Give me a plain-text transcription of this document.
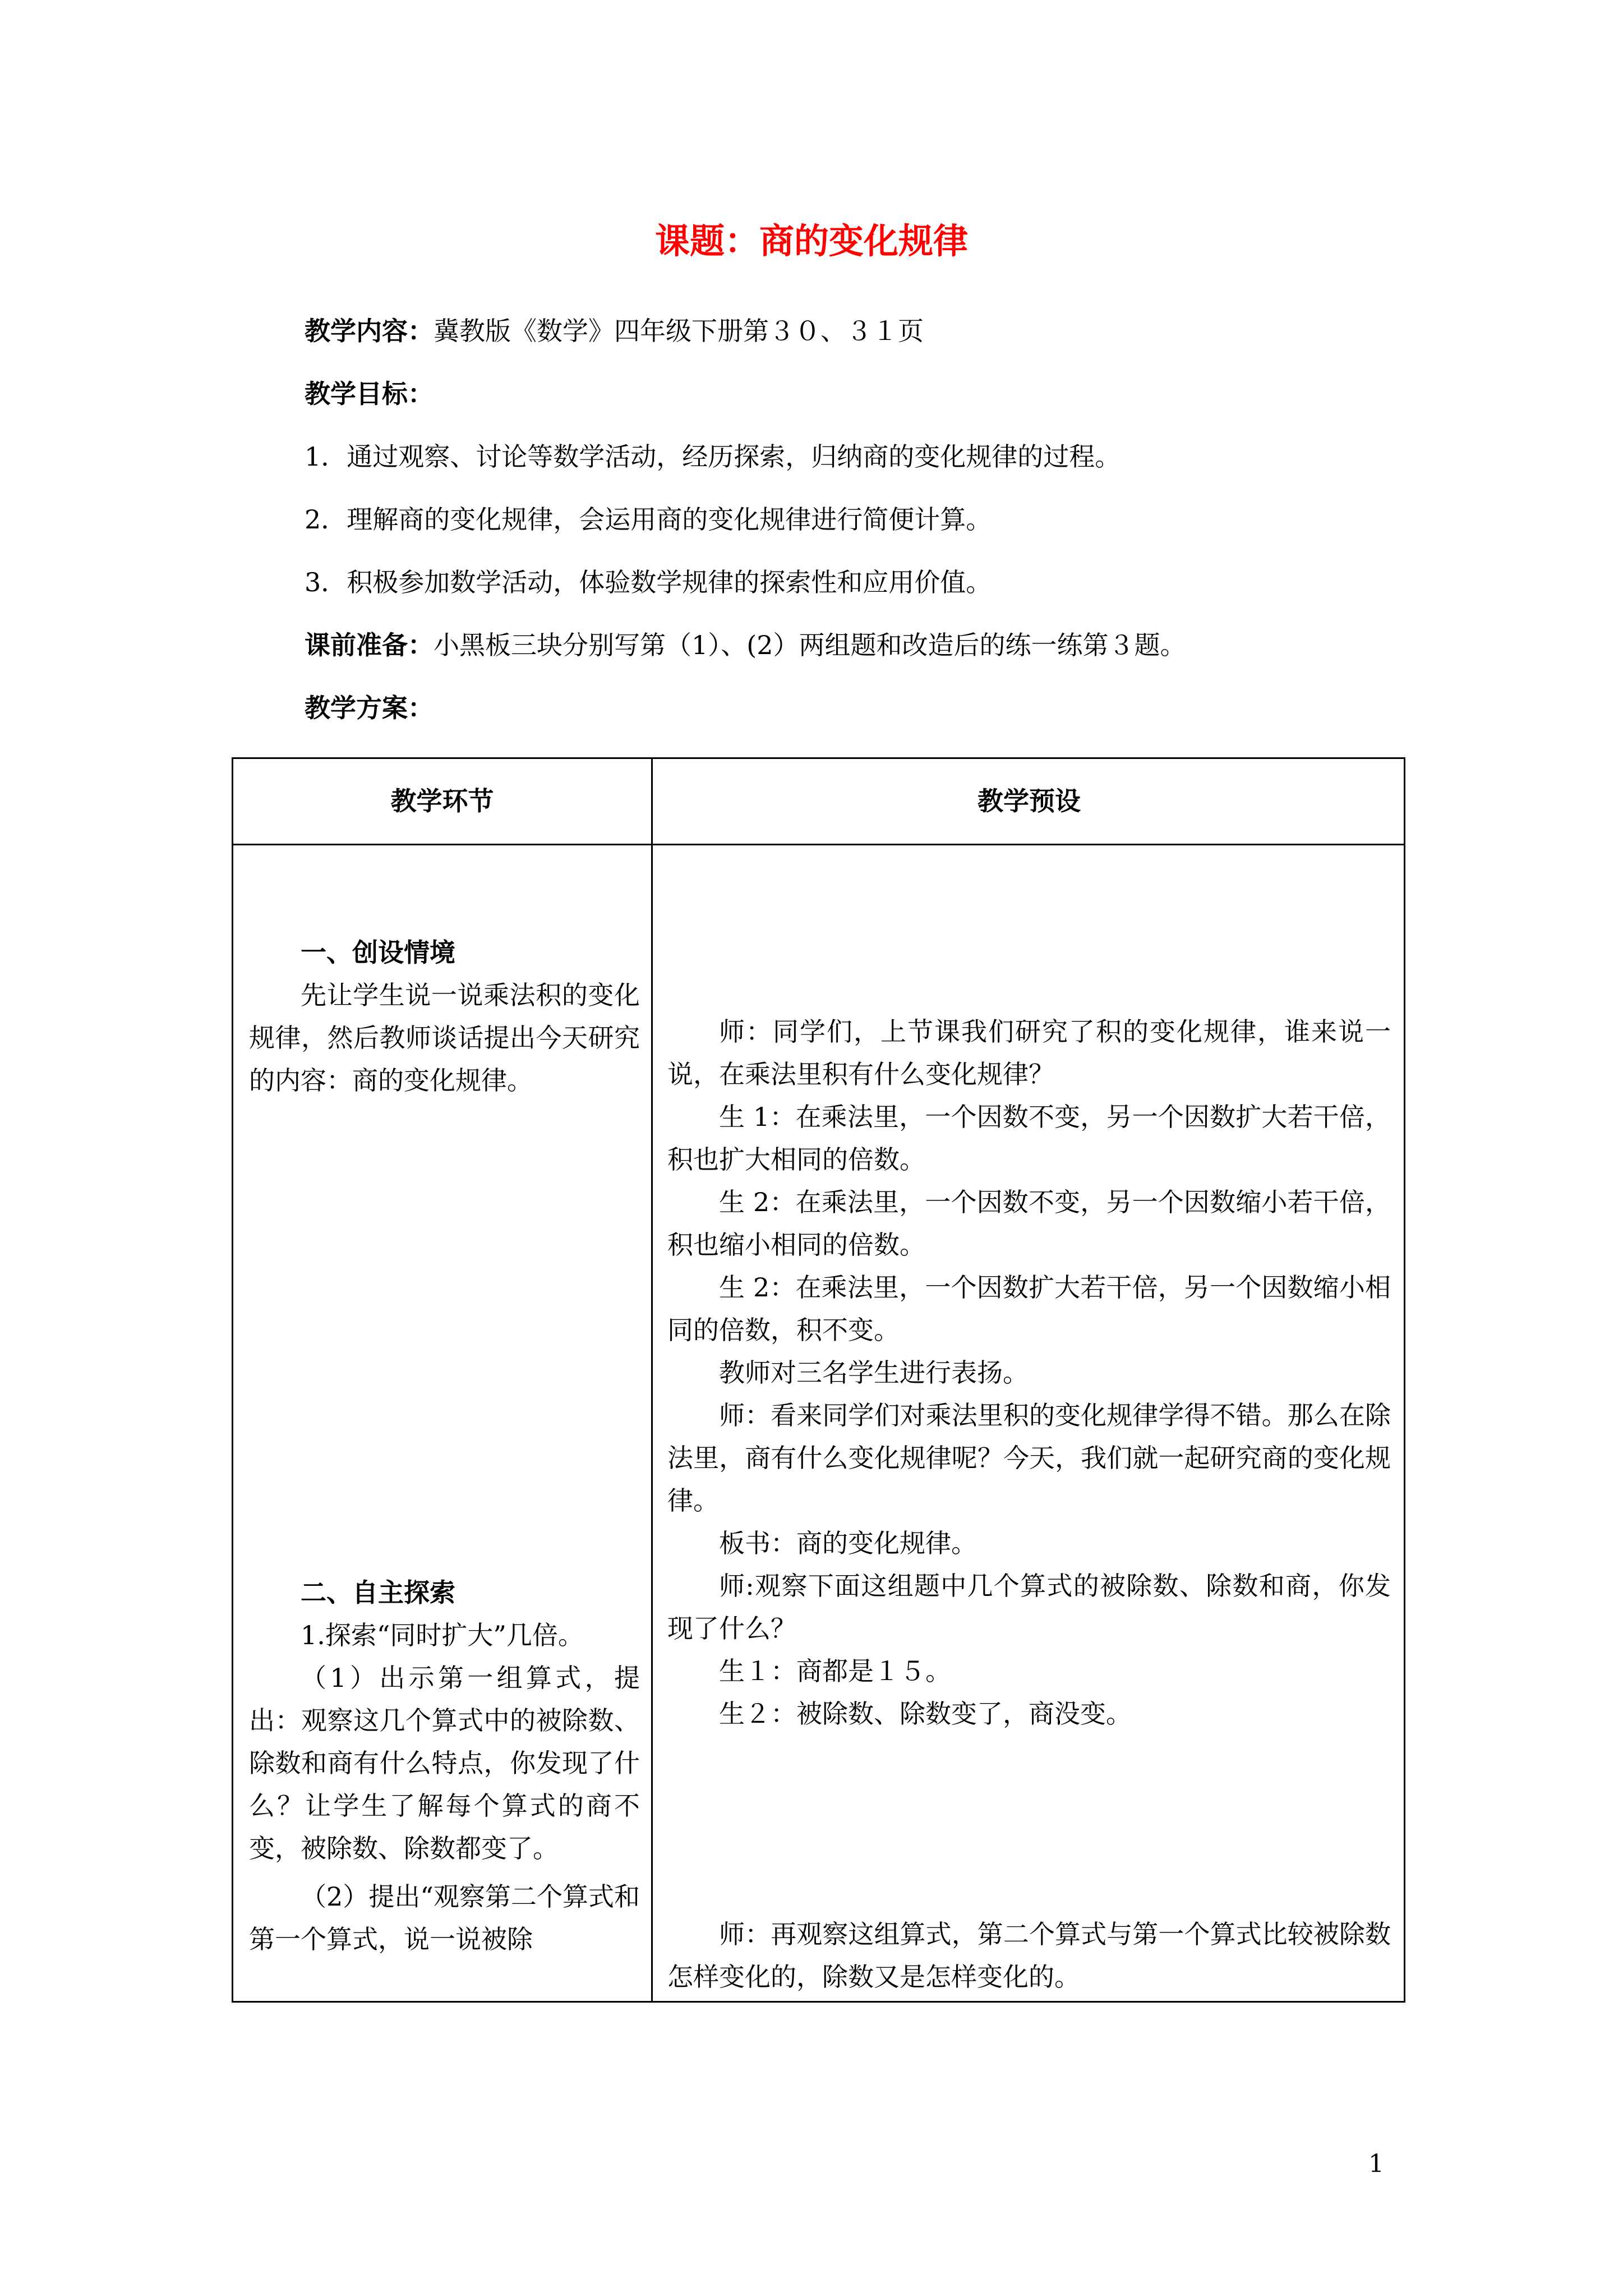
课题：商的变化规律
教学内容：冀教版《数学》四年级下册第３０、３１页
教学目标：
1．通过观察、讨论等数学活动，经历探索，归纳商的变化规律的过程。
2．理解商的变化规律，会运用商的变化规律进行简便计算。
3．积极参加数学活动，体验数学规律的探索性和应用价值。
课前准备：小黑板三块分别写第（1）、(2）两组题和改造后的练一练第３题。
教学方案：
教学环节	教学预设

一、创设情境

先让学生说一说乘法积的变化规律，然后教师谈话提出今天研究的内容：商的变化规律。

二、自主探索

1.探索“同时扩大”几倍。

（1）出示第一组算式，提出：观察这几个算式中的被除数、除数和商有什么特点，你发现了什么？让学生了解每个算式的商不变，被除数、除数都变了。

（2）提出“观察第二个算式和第一个算式，说一说被除

师：同学们，上节课我们研究了积的变化规律，谁来说一说，在乘法里积有什么变化规律？

生 1：在乘法里，一个因数不变，另一个因数扩大若干倍，积也扩大相同的倍数。

生 2：在乘法里，一个因数不变，另一个因数缩小若干倍，积也缩小相同的倍数。

生 2：在乘法里，一个因数扩大若干倍，另一个因数缩小相同的倍数，积不变。

教师对三名学生进行表扬。

师：看来同学们对乘法里积的变化规律学得不错。那么在除法里，商有什么变化规律呢？今天，我们就一起研究商的变化规律。

板书：商的变化规律。

师:观察下面这组题中几个算式的被除数、除数和商，你发现了什么？

生１：商都是１５。

生２：被除数、除数变了，商没变。

师：再观察这组算式，第二个算式与第一个算式比较被除数怎样变化的，除数又是怎样变化的。

1
